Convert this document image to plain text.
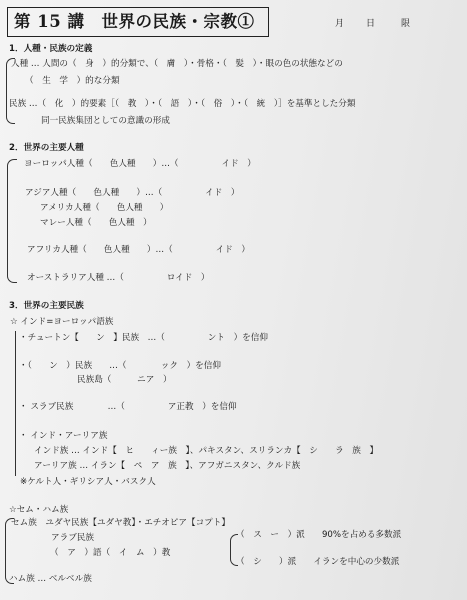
第 15 講　世界の民族・宗教①	月 日	限
1．人種・民族の定義
人種 … 人間の（　身　）的分類で、（　膚　）・骨格・（　髪　）・眼の色の状態などの
（　生　学　）的な分類
民族 …（　化　）的要素［（　教　）・（　語　）・（　俗　）・（　統　）］を基準とした分類
同一民族集団としての意識の形成
2．世界の主要人種
ヨーロッパ人種（　　色人種　　）…（　　　　　イド　）
アジア人種（　　色人種　　）…（　　　　　イド　）
アメリカ人種（　　色人種　　）
マレー人種（　　色人種　）
アフリカ人種（　　色人種　　）…（　　　　　イド　）
オーストラリア人種 …（　　　　　ロイド　）
3．世界の主要民族
☆ インド=ヨーロッパ語族
・チュートン【　　ン　】民族　…（　　　　　ント　）を信仰
・（　　ン　）民族　　…（　　　　ック　）を信仰
民族島（　　　ニア　）
・ スラブ民族　　　　…（　　　　　ア正教　）を信仰
・ インド・アーリア族
インド族 … インド【　ヒ　　ィー族　】、パキスタン、スリランカ【　シ　　ラ　族　】
アーリア族 … イラン【　ペ　ア　族　】、アフガニスタン、クルド族
※ケルト人・ギリシア人・バスク人
☆セム・ハム族
セム族　ユダヤ民族【ユダヤ教】・エチオピア【コプト】
アラブ民族
（　ア　）語（　イ　ム　）教
（　ス　ー　）派　　90%を占める多数派
（　シ　　）派　　イランを中心の少数派
ハム族 … ベルベル族
